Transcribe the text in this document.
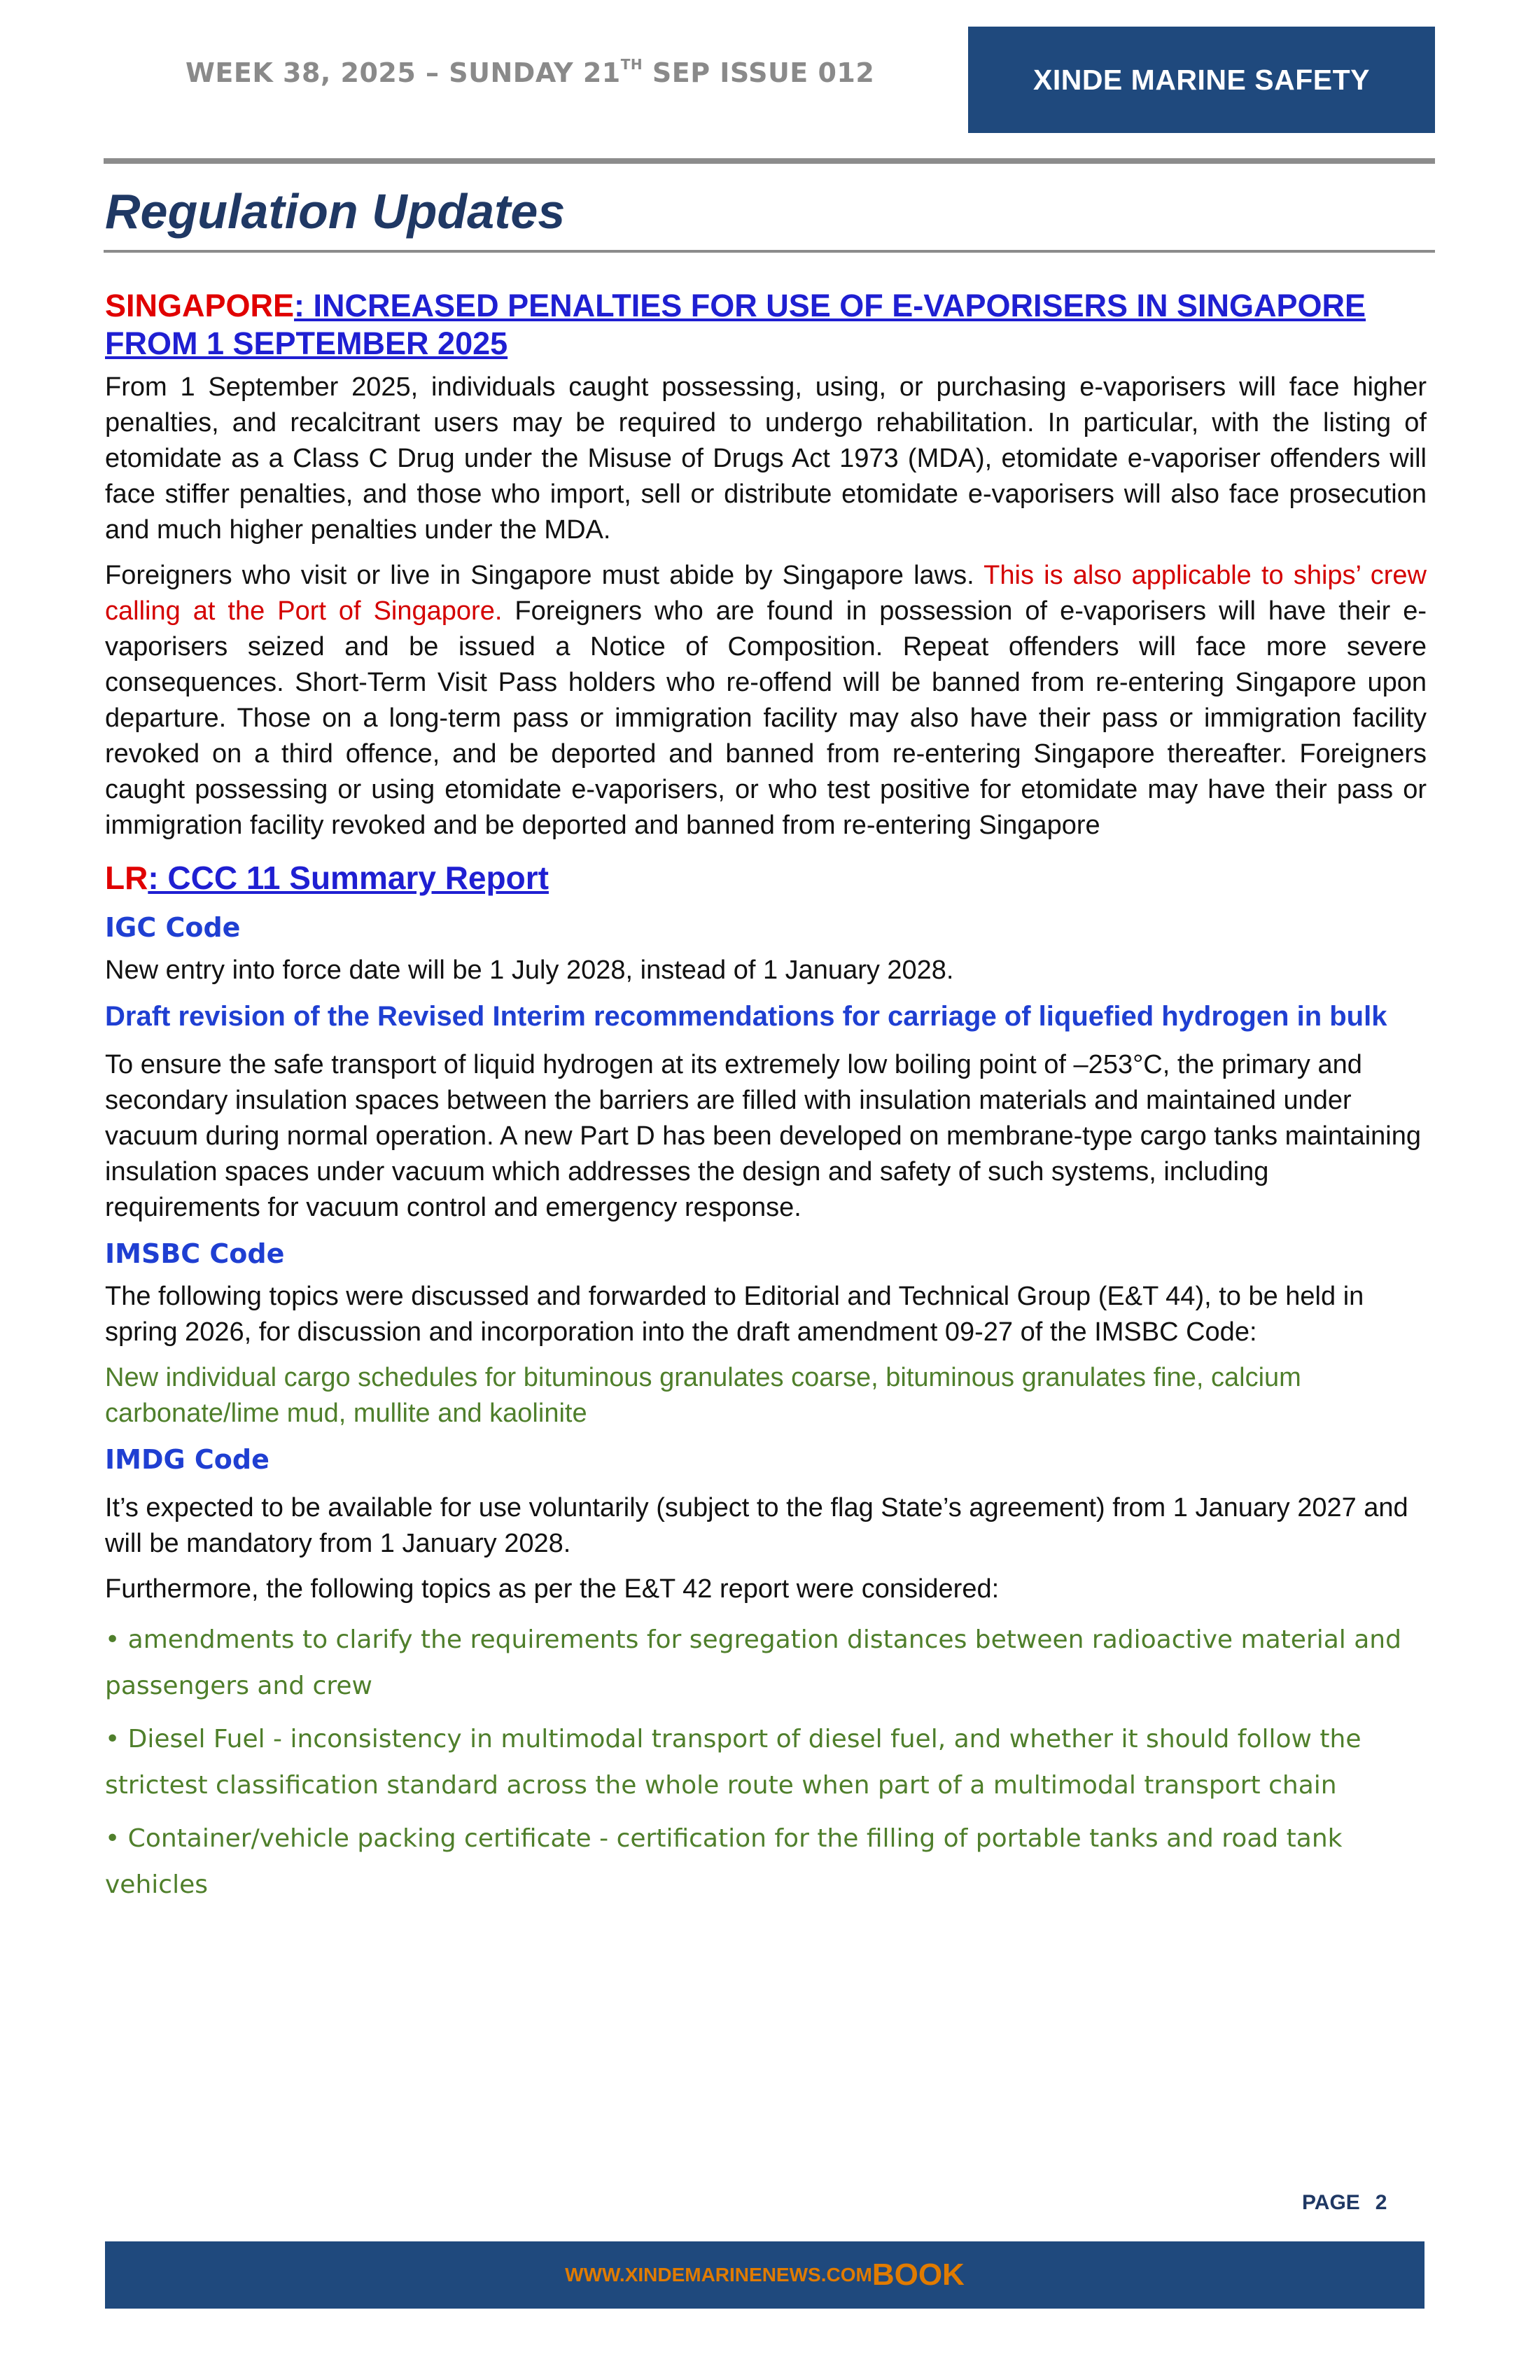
WEEK 38, 2025 – SUNDAY 21TH SEP ISSUE 012	XINDE MARINE SAFETY
Regulation Updates
SINGAPORE: INCREASED PENALTIES FOR USE OF E-VAPORISERS IN SINGAPORE FROM 1 SEPTEMBER 2025

From 1 September 2025, individuals caught possessing, using, or purchasing e-vaporisers will face higher penalties, and recalcitrant users may be required to undergo rehabilitation. In particular, with the listing of etomidate as a Class C Drug under the Misuse of Drugs Act 1973 (MDA), etomidate e-vaporiser offenders will face stiffer penalties, and those who import, sell or distribute etomidate e-vaporisers will also face prosecution and much higher penalties under the MDA.

Foreigners who visit or live in Singapore must abide by Singapore laws. This is also applicable to ships’ crew calling at the Port of Singapore. Foreigners who are found in possession of e-vaporisers will have their e-vaporisers seized and be issued a Notice of Composition. Repeat offenders will face more severe consequences. Short-Term Visit Pass holders who re-offend will be banned from re-entering Singapore upon departure. Those on a long-term pass or immigration facility may also have their pass or immigration facility revoked on a third offence, and be deported and banned from re-entering Singapore thereafter. Foreigners caught possessing or using etomidate e-vaporisers, or who test positive for etomidate may have their pass or immigration facility revoked and be deported and banned from re-entering Singapore

LR: CCC 11 Summary Report
IGC Code

New entry into force date will be 1 July 2028, instead of 1 January 2028.

Draft revision of the Revised Interim recommendations for carriage of liquefied hydrogen in bulk

To ensure the safe transport of liquid hydrogen at its extremely low boiling point of –253°C, the primary and secondary insulation spaces between the barriers are filled with insulation materials and maintained under vacuum during normal operation. A new Part D has been developed on membrane-type cargo tanks maintaining insulation spaces under vacuum which addresses the design and safety of such systems, including requirements for vacuum control and emergency response.

IMSBC Code

The following topics were discussed and forwarded to Editorial and Technical Group (E&T 44), to be held in spring 2026, for discussion and incorporation into the draft amendment 09-27 of the IMSBC Code:

New individual cargo schedules for bituminous granulates coarse, bituminous granulates fine, calcium carbonate/lime mud, mullite and kaolinite

IMDG Code

It’s expected to be available for use voluntarily (subject to the flag State’s agreement) from 1 January 2027 and will be mandatory from 1 January 2028.

Furthermore, the following topics as per the E&T 42 report were considered:

• amendments to clarify the requirements for segregation distances between radioactive material and passengers and crew

• Diesel Fuel - inconsistency in multimodal transport of diesel fuel, and whether it should follow the strictest classification standard across the whole route when part of a multimodal transport chain

• Container/vehicle packing certificate - certification for the filling of portable tanks and road tank vehicles

PAGE 2
WWW.XINDEMARINENEWS.COM BOOK
